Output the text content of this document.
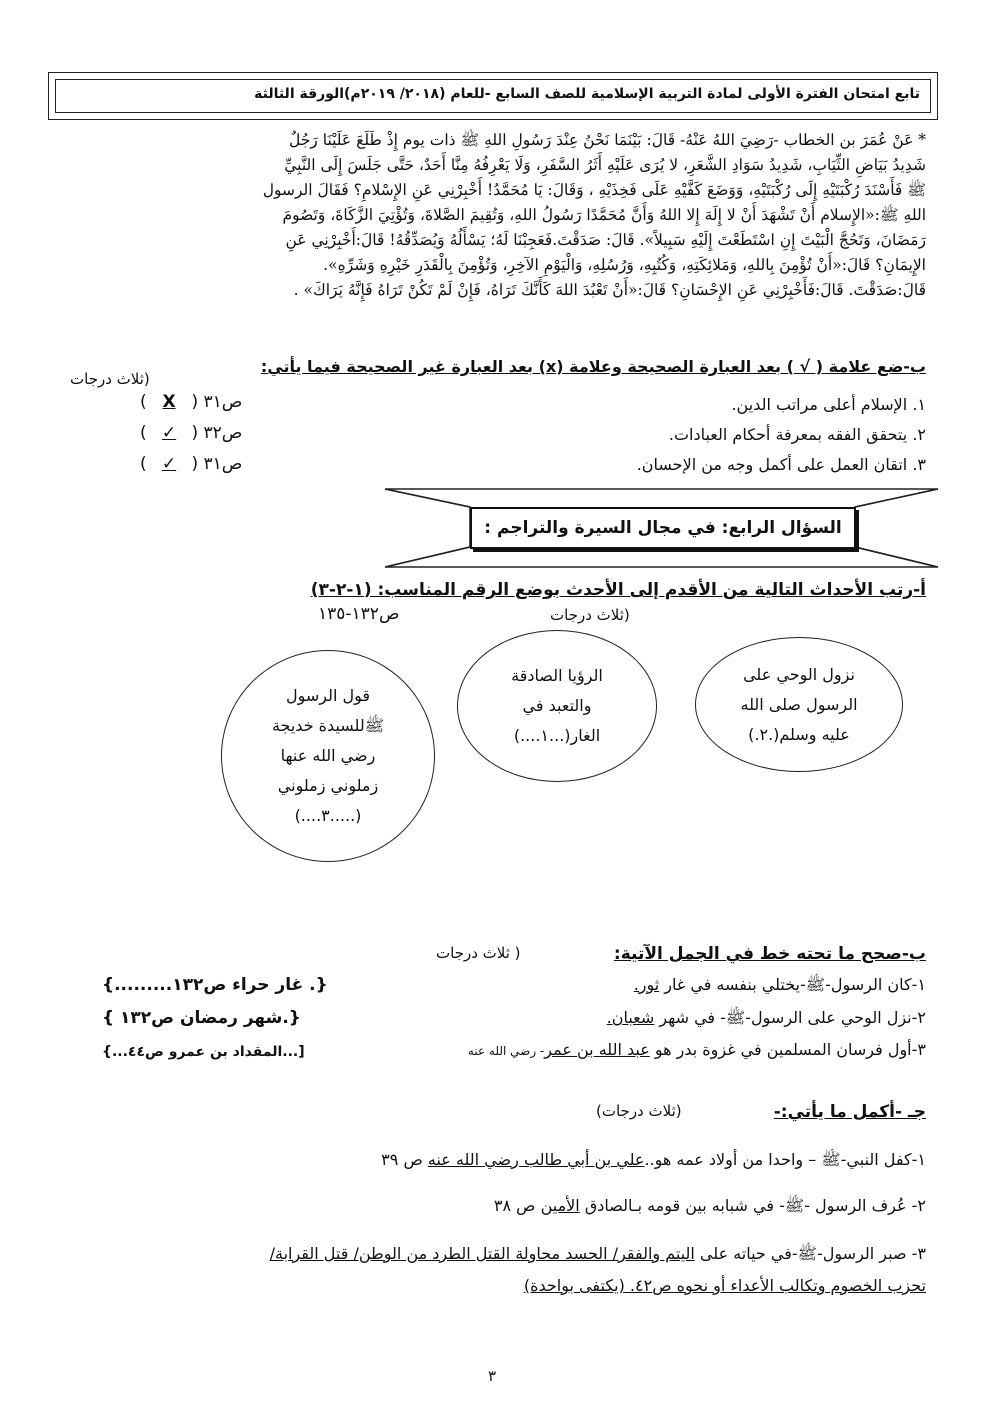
تابع امتحان الفترة الأولى لمادة التربية الإسلامية للصف السابع -للعام (٢٠١٨/ ٢٠١٩م)الورقة الثالثة

* عَنْ عُمَرَ بن الخطاب -رَضِيَ اللهُ عَنْهُ- قَالَ: بَيْنَمَا نَحْنُ عِنْدَ رَسُولِ اللهِ ﷺ ذات يوم إِذْ طَلَعَ عَلَيْنَا رَجُلٌ

شَدِيدُ بَيَاضِ الثِّيَابِ، شَدِيدُ سَوَادِ الشَّعَرِ، لا يُرَى عَلَيْهِ أَثَرُ السَّفَرِ، وَلَا يَعْرِفُهُ مِنَّا أَحَدٌ، حَتَّى جَلَسَ إِلَى النَّبِيِّ

ﷺ فَأَسْنَدَ رُكْبَتَيْهِ إِلَى رُكْبَتَيْهِ، وَوَضَعَ كَفَّيْهِ عَلَى فَخِذَيْهِ ، وَقَالَ: يَا مُحَمَّدُ! أَخْبِرْنِي عَنِ الإِسْلامِ؟ فَقَالَ الرسول

اللهِ ﷺ:«الإِسلام أَنْ تَشْهَدَ أَنْ لا إِلَهَ إِلا اللهُ وَأَنَّ مُحَمَّدًا رَسُولُ اللهِ، وَتُقِيمَ الصَّلاةَ، وَتُؤْتِيَ الزَّكَاةَ، وَتَصُومَ

رَمَضَانَ، وَتَحُجَّ الْبَيْتَ إِنِ اسْتَطَعْتَ إِلَيْهِ سَبِيلاً». قَالَ: صَدَقْتَ.فَعَجِبْنَا لَهُ؛ يَسْأَلُهُ وَيُصَدِّقُهُ! قَالَ:أَخْبِرْنِي عَنِ

الإِيمَانِ؟ قَالَ:«أَنْ تُؤْمِنَ بِاللهِ، وَمَلائِكَتِهِ، وَكُتُبِهِ، وَرُسُلِهِ، وَالْيَوْمِ الآخِرِ، وَتُؤْمِنَ بِالْقَدَرِ خَيْرِهِ وَشَرِّهِ».

قَالَ:صَدَقْتَ. قَالَ:فَأَخْبِرْنِي عَنِ الإِحْسَانِ؟ قَالَ:«أَنْ تَعْبُدَ اللهَ كَأَنَّكَ تَرَاهُ، فَإِنْ لَمْ تَكُنْ تَرَاهُ فَإِنَّهُ يَرَاكَ» .

ب-ضع علامة ( √ ) بعد العبارة الصحيحة وعلامة (x) بعد العبارة غير الصحيحة فيما يأتي:
(ثلاث درجات
١. الإسلام أعلى مراتب الدين.
ص٣١ ( X )
٢. يتحقق الفقه بمعرفة أحكام العبادات.
ص٣٢ ( ✓ )
٣. اتقان العمل على أكمل وجه من الإحسان.
ص٣١ ( ✓ )
السؤال الرابع: في مجال السيرة والتراجم :
أ-رتب الأحداث التالية من الأقدم إلى الأحدث بوضع الرقم المناسب: (١-٢-٣)
(ثلاث درجات
ص١٣٢-١٣٥
نزول الوحي على
الرسول صلى الله
عليه وسلم(.٢.)
الرؤيا الصادقة
والتعبد في
الغار(...١....)
قول الرسول
ﷺللسيدة خديجة
رضي الله عنها
زملوني زملوني
(.....٣....)
ب-صحح ما تحته خط في الجمل الآتية:
( ثلاث درجات
١-كان الرسول-ﷺ-يختلي بنفسه في غار ثور.
{. غار حراء ص١٣٢.........}
٢-نزل الوحي على الرسول-ﷺ- في شهر شعبان.
{.شهر رمضان ص١٣٢ }
٣-أول فرسان المسلمين في غزوة بدر هو عبد الله بن عمر- رضي الله عنه
[...المقداد بن عمرو ص٤٤...}
جـ -أكمل ما يأتي:-
(ثلاث درجات)
١-كفل النبي-ﷺ – واحدا من أولاد عمه هو..علي بن أبي طالب رضي الله عنه ص ٣٩
٢- عُرف الرسول -ﷺ- في شبابه بين قومه بـالصادق الأمين ص ٣٨
٣- صبر الرسول-ﷺ-في حياته على اليتم والفقر/ الحسد محاولة القتل الطرد من الوطن/ قتل القرابة/
تحزب الخصوم وتكالب الأعداء أو نحوه ص٤٢. (يكتفى بواحدة)
٣
